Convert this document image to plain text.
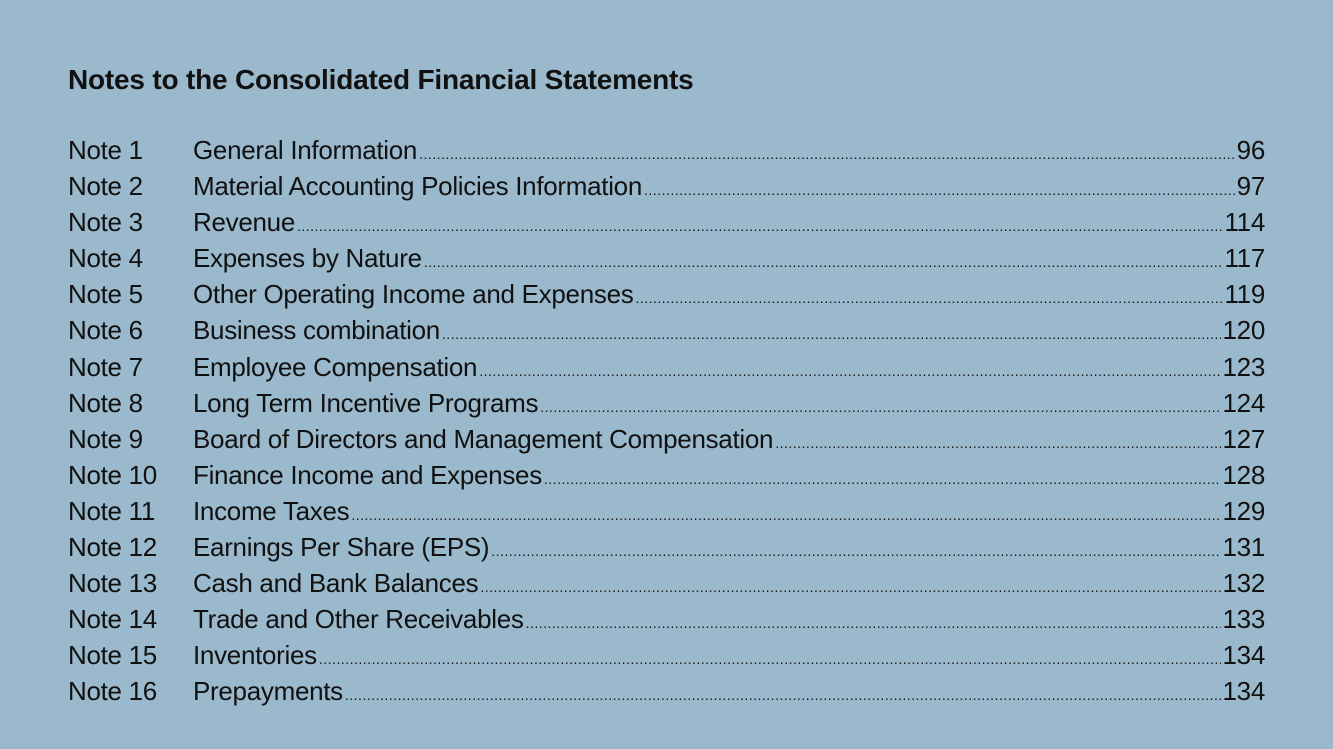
Notes to the Consolidated Financial Statements
Note 1	General Information .....	96
Note 2	Material Accounting Policies Information .....	97
Note 3	Revenue .....	114
Note 4	Expenses by Nature .....	117
Note 5	Other Operating Income and Expenses .....	119
Note 6	Business combination .....	120
Note 7	Employee Compensation .....	123
Note 8	Long Term Incentive Programs .....	124
Note 9	Board of Directors and Management Compensation .....	127
Note 10	Finance Income and Expenses .....	128
Note 11	Income Taxes .....	129
Note 12	Earnings Per Share (EPS) .....	131
Note 13	Cash and Bank Balances .....	132
Note 14	Trade and Other Receivables .....	133
Note 15	Inventories .....	134
Note 16	Prepayments .....	134
